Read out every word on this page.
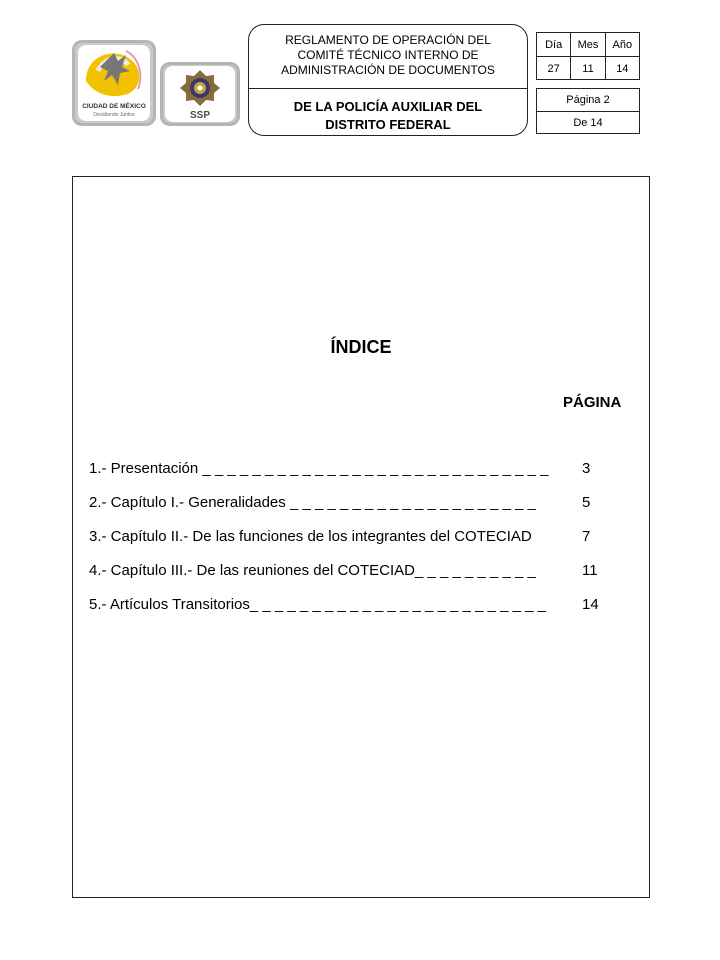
CIUDAD DE MÉXICO
Decidiendo Juntos	SSP
REGLAMENTO DE OPERACIÓN DEL
COMITÉ TÉCNICO INTERNO DE
ADMINISTRACIÓN DE DOCUMENTOS
DE LA POLICÍA AUXILIAR DEL
DISTRITO FEDERAL
Día	Mes	Año
27	11	14
Página 2
De 14
ÍNDICE
PÁGINA
1.- Presentación _ _ _ _ _ _ _ _ _ _ _ _ _ _ _ _ _ _ _ _ _ _ _ _ _ _ _ _ 3
2.- Capítulo I.- Generalidades _ _ _ _ _ _ _ _ _ _ _ _ _ _ _ _ _ _ _ _	5
3.- Capítulo II.- De las funciones de los integrantes del COTECIAD	7
4.- Capítulo III.- De las reuniones del COTECIAD_ _ _ _ _ _ _ _ _ _	11
5.- Artículos Transitorios_ _ _ _ _ _ _ _ _ _ _ _ _ _ _ _ _ _ _ _ _ _ _ _ 14
